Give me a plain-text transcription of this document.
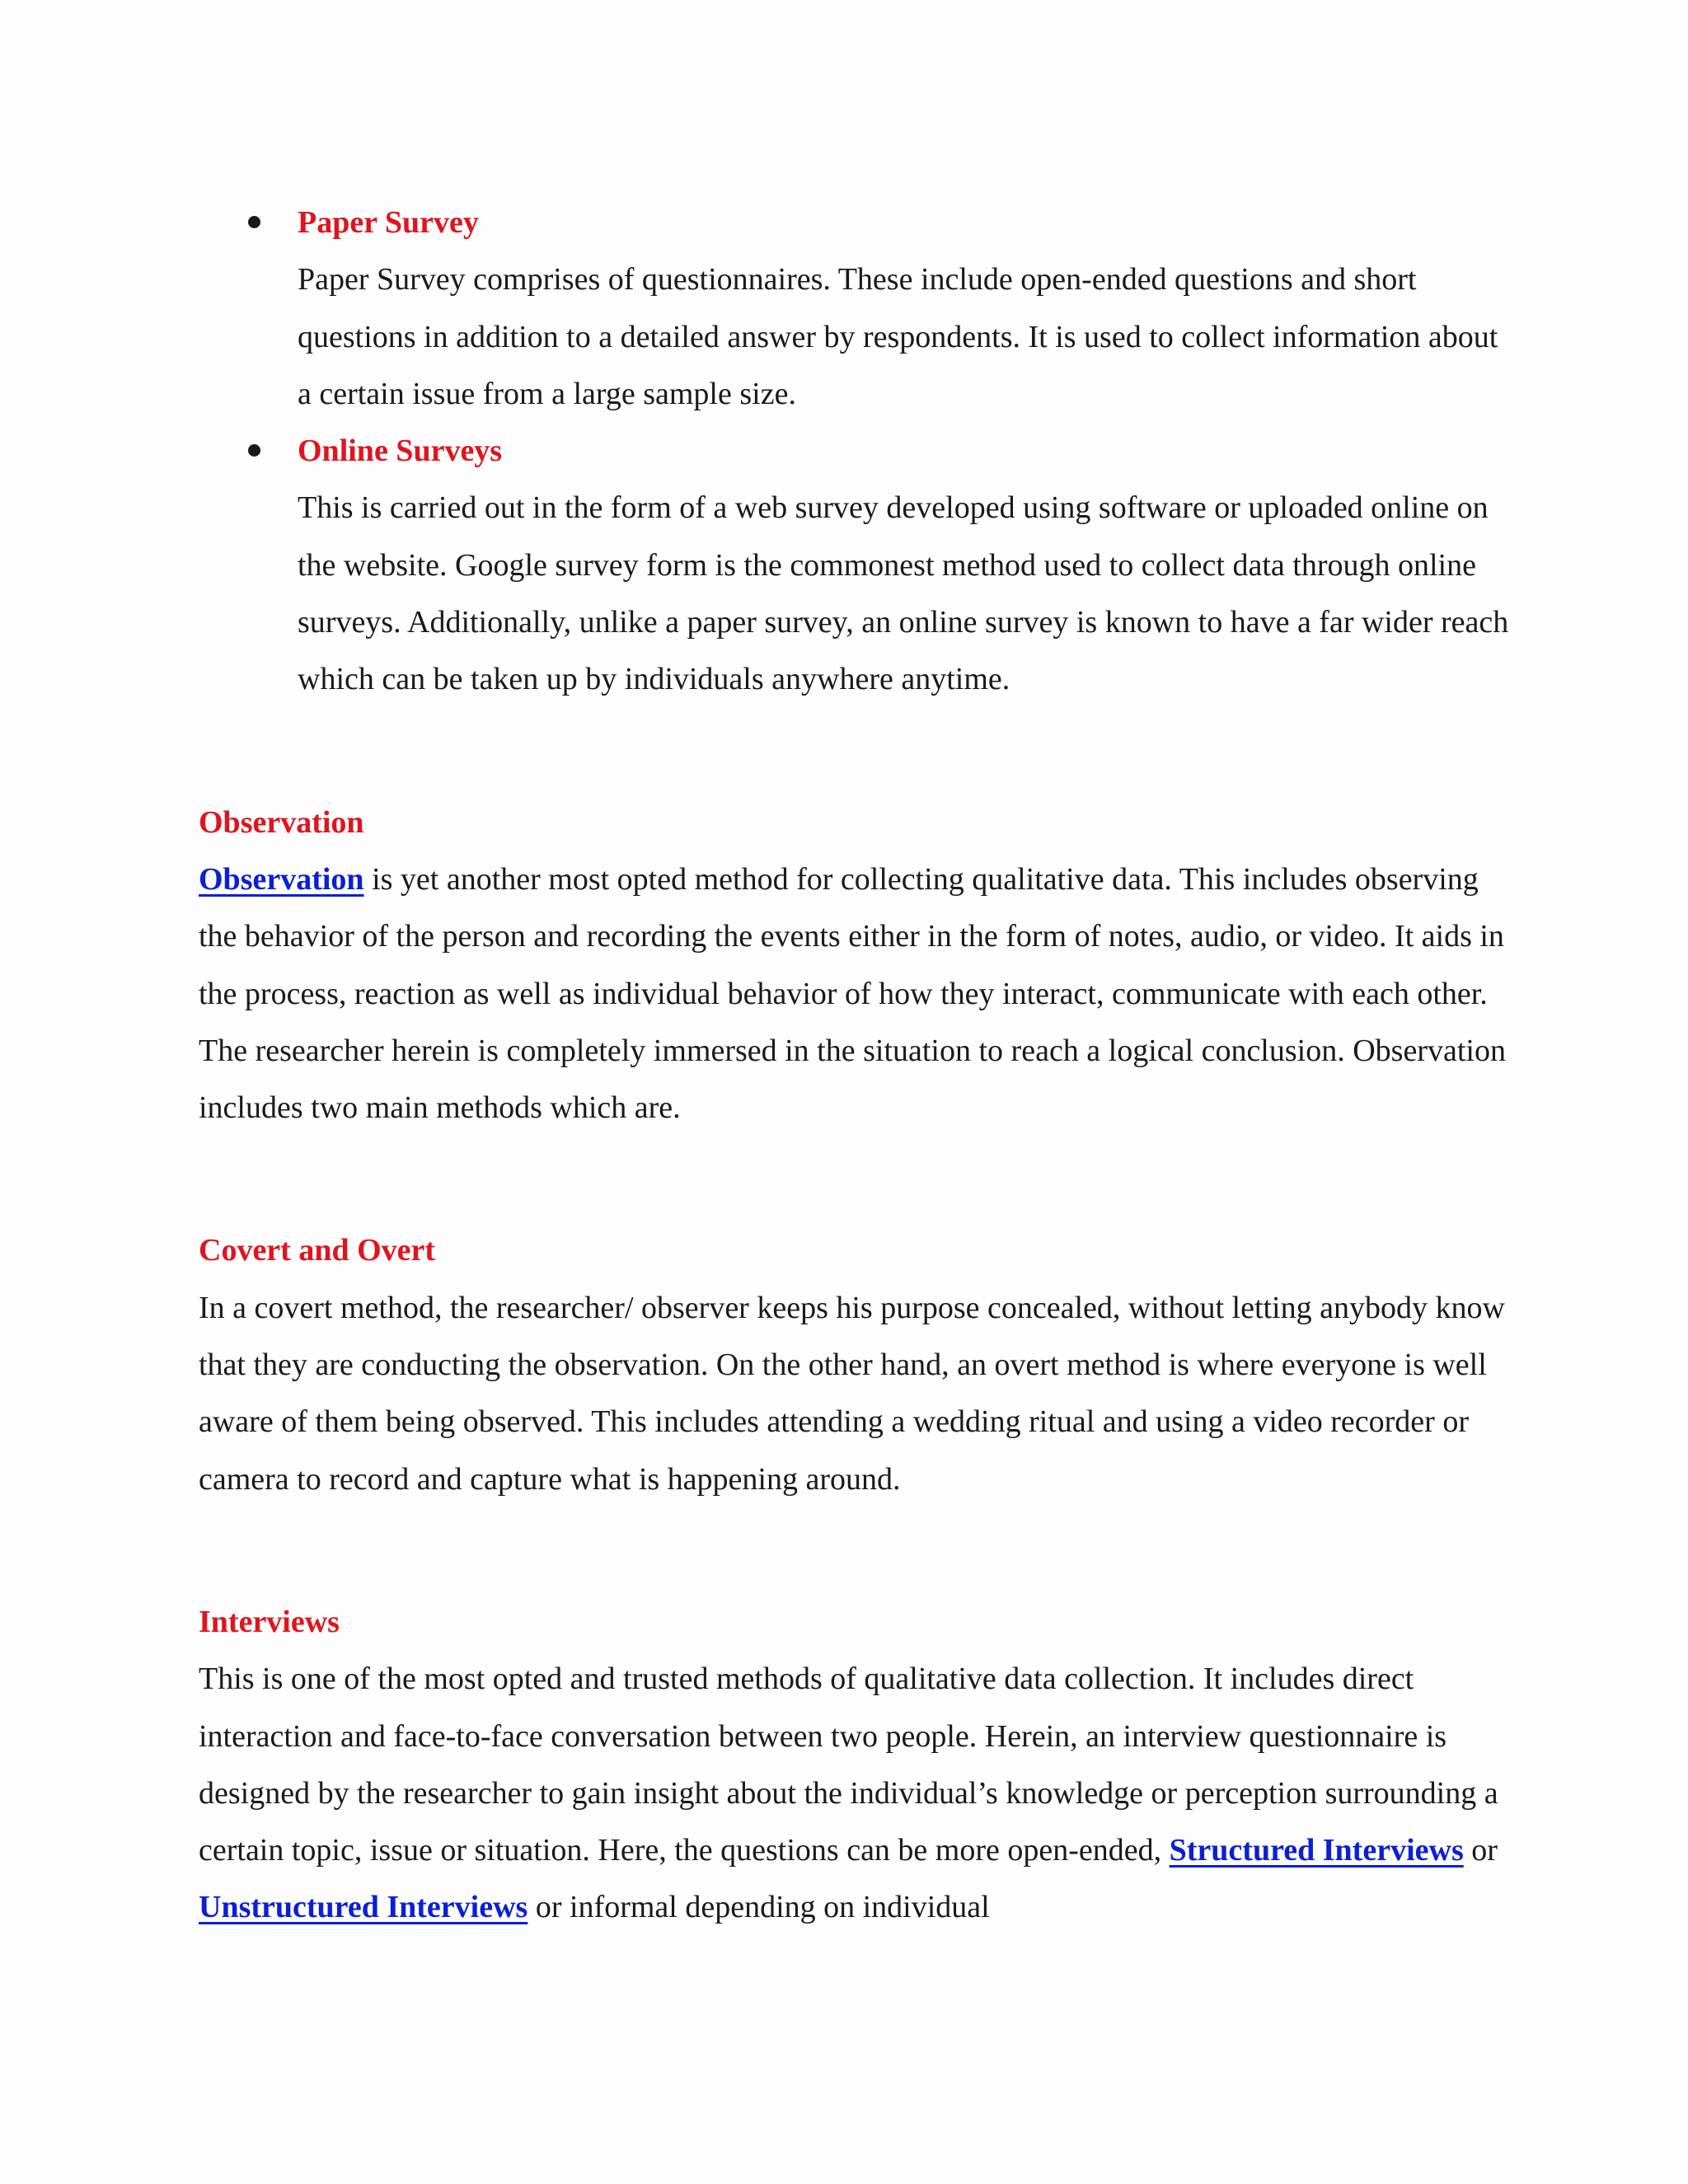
Paper Survey
Paper Survey comprises of questionnaires. These include open-ended questions and short questions in addition to a detailed answer by respondents. It is used to collect information about a certain issue from a large sample size.
Online Surveys
This is carried out in the form of a web survey developed using software or uploaded online on the website. Google survey form is the commonest method used to collect data through online surveys. Additionally, unlike a paper survey, an online survey is known to have a far wider reach which can be taken up by individuals anywhere anytime.
Observation
Observation is yet another most opted method for collecting qualitative data. This includes observing the behavior of the person and recording the events either in the form of notes, audio, or video. It aids in the process, reaction as well as individual behavior of how they interact, communicate with each other. The researcher herein is completely immersed in the situation to reach a logical conclusion. Observation includes two main methods which are.
Covert and Overt
In a covert method, the researcher/ observer keeps his purpose concealed, without letting anybody know that they are conducting the observation. On the other hand, an overt method is where everyone is well aware of them being observed. This includes attending a wedding ritual and using a video recorder or camera to record and capture what is happening around.
Interviews
This is one of the most opted and trusted methods of qualitative data collection. It includes direct interaction and face-to-face conversation between two people. Herein, an interview questionnaire is designed by the researcher to gain insight about the individual’s knowledge or perception surrounding a certain topic, issue or situation. Here, the questions can be more open-ended, Structured Interviews or Unstructured Interviews or informal depending on individual
